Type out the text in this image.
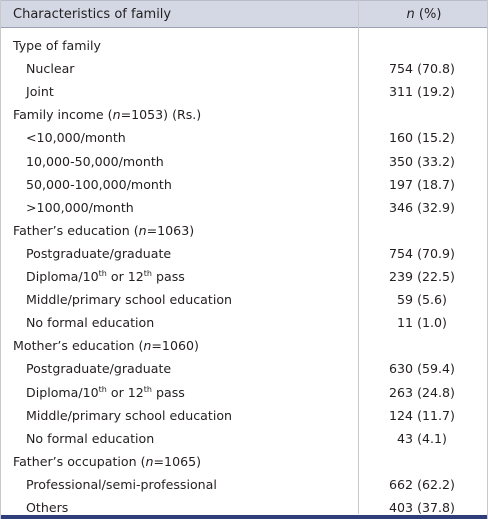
Characteristics of family	n (%)
Type of family
Nuclear	754 (70.8)
Joint	311 (19.2)
Family income (n=1053) (Rs.)
<10,000/month	160 (15.2)
10,000-50,000/month	350 (33.2)
50,000-100,000/month	197 (18.7)
>100,000/month	346 (32.9)
Father’s education (n=1063)
Postgraduate/graduate	754 (70.9)
Diploma/10th or 12th pass	239 (22.5)
Middle/primary school education	59 (5.6)
No formal education	11 (1.0)
Mother’s education (n=1060)
Postgraduate/graduate	630 (59.4)
Diploma/10th or 12th pass	263 (24.8)
Middle/primary school education	124 (11.7)
No formal education	43 (4.1)
Father’s occupation (n=1065)
Professional/semi-professional	662 (62.2)
Others	403 (37.8)
